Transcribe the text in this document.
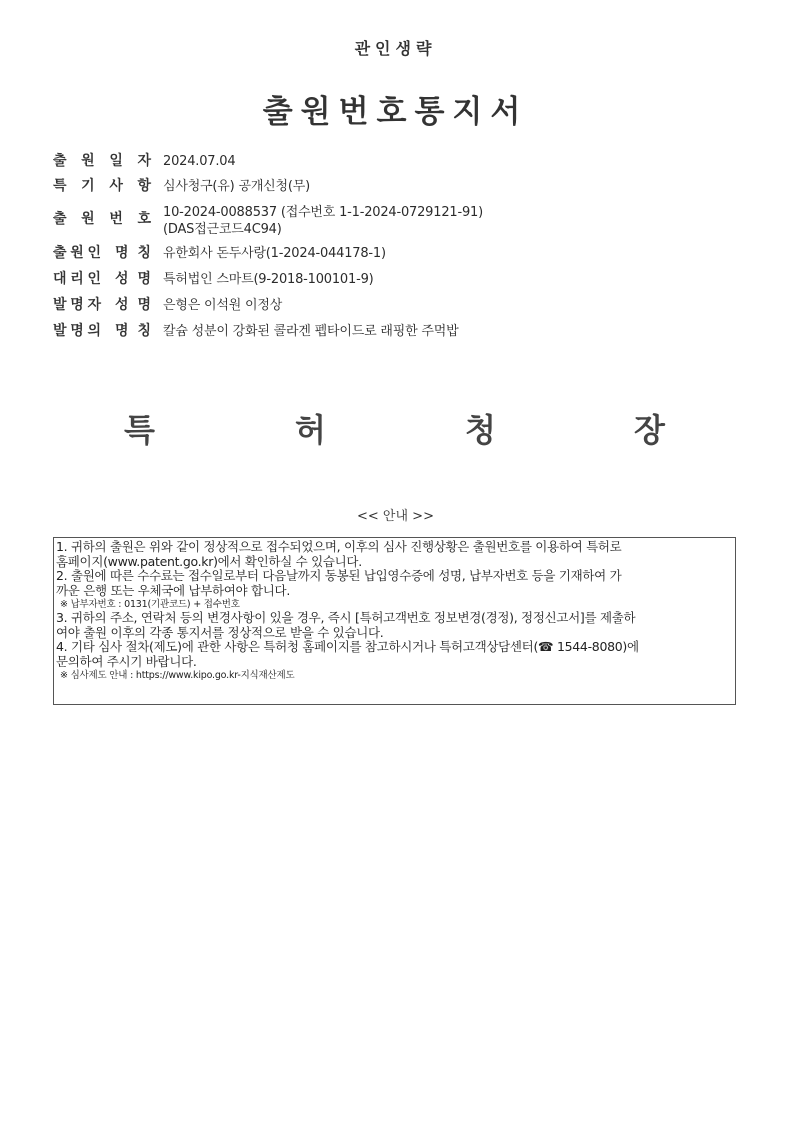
관인생략
출원번호통지서
출 원 일 자 2024.07.04
특 기 사 항 심사청구(유) 공개신청(무)
출 원 번 호 10-2024-0088537 (접수번호 1-1-2024-0729121-91)
(DAS접근코드4C94)
출 원 인 명 칭 유한회사 돈두사랑(1-2024-044178-1)
대 리 인 성 명 특허법인 스마트(9-2018-100101-9)
발 명 자 성 명 은형은 이석원 이정상
발 명 의 명 칭 칼슘 성분이 강화된 콜라겐 펩타이드로 래핑한 주먹밥
특	허	청	장
<< 안내 >>
1. 귀하의 출원은 위와 같이 정상적으로 접수되었으며, 이후의 심사 진행상황은 출원번호를 이용하여 특허로
홈페이지(www.patent.go.kr)에서 확인하실 수 있습니다.
2. 출원에 따른 수수료는 접수일로부터 다음날까지 동봉된 납입영수증에 성명, 납부자번호 등을 기재하여 가
까운 은행 또는 우체국에 납부하여야 합니다.
※ 납부자번호 : 0131(기관코드) + 접수번호
3. 귀하의 주소, 연락처 등의 변경사항이 있을 경우, 즉시 [특허고객번호 정보변경(경정), 정정신고서]를 제출하
여야 출원 이후의 각종 통지서를 정상적으로 받을 수 있습니다.
4. 기타 심사 절차(제도)에 관한 사항은 특허청 홈페이지를 참고하시거나 특허고객상담센터(☎ 1544-8080)에
문의하여 주시기 바랍니다.
※ 심사제도 안내 : https://www.kipo.go.kr-지식재산제도
